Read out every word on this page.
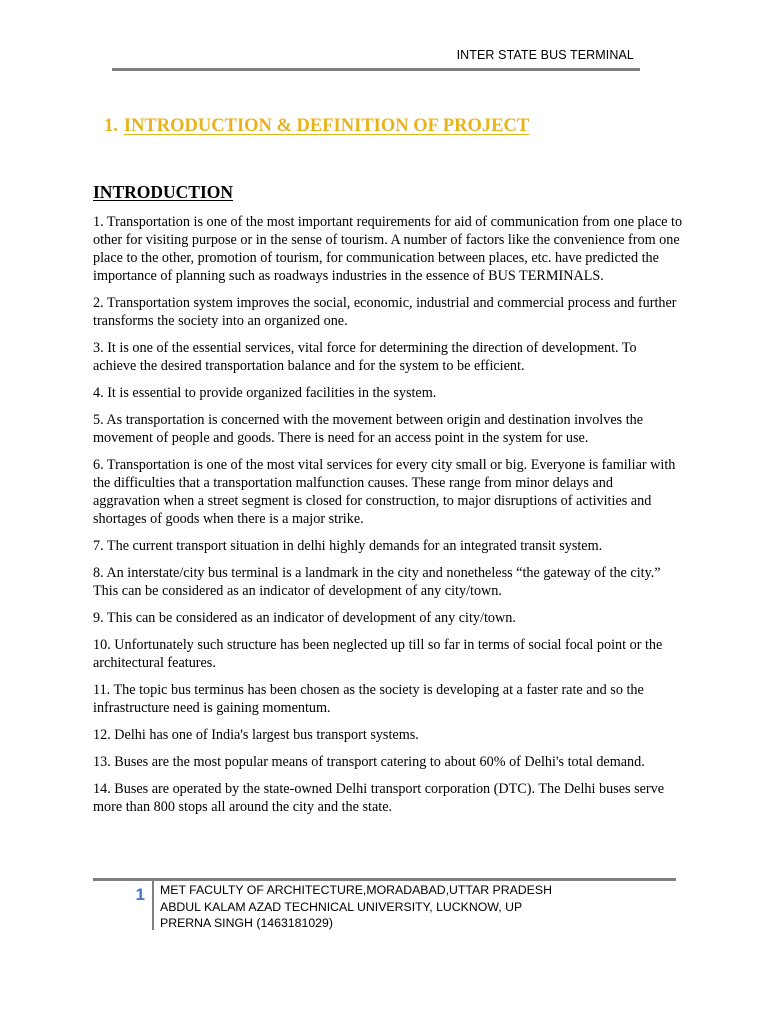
INTER STATE BUS TERMINAL
1. INTRODUCTION & DEFINITION OF PROJECT
INTRODUCTION

1. Transportation is one of the most important requirements for aid of communication from one place to other for visiting purpose or in the sense of tourism. A number of factors like the convenience from one place to the other, promotion of tourism, for communication between places, etc. have predicted the importance of planning such as roadways industries in the essence of BUS TERMINALS.

2. Transportation system improves the social, economic, industrial and commercial process and further transforms the society into an organized one.

3. It is one of the essential services, vital force for determining the direction of development. To achieve the desired transportation balance and for the system to be efficient.

4. It is essential to provide organized facilities in the system.

5. As transportation is concerned with the movement between origin and destination involves the movement of people and goods. There is need for an access point in the system for use.

6. Transportation is one of the most vital services for every city small or big. Everyone is familiar with the difficulties that a transportation malfunction causes. These range from minor delays and aggravation when a street segment is closed for construction, to major disruptions of activities and shortages of goods when there is a major strike.

7. The current transport situation in delhi highly demands for an integrated transit system.

8. An interstate/city bus terminal is a landmark in the city and nonetheless “the gateway of the city.” This can be considered as an indicator of development of any city/town.

9. This can be considered as an indicator of development of any city/town.

10. Unfortunately such structure has been neglected up till so far in terms of social focal point or the architectural features.

11. The topic bus terminus has been chosen as the society is developing at a faster rate and so the infrastructure need is gaining momentum.

12. Delhi has one of India's largest bus transport systems.

13. Buses are the most popular means of transport catering to about 60% of Delhi's total demand.

14. Buses are operated by the state-owned Delhi transport corporation (DTC). The Delhi buses serve more than 800 stops all around the city and the state.

1	MET FACULTY OF ARCHITECTURE,MORADABAD,UTTAR PRADESH
ABDUL KALAM AZAD TECHNICAL UNIVERSITY, LUCKNOW, UP
PRERNA SINGH (1463181029)
